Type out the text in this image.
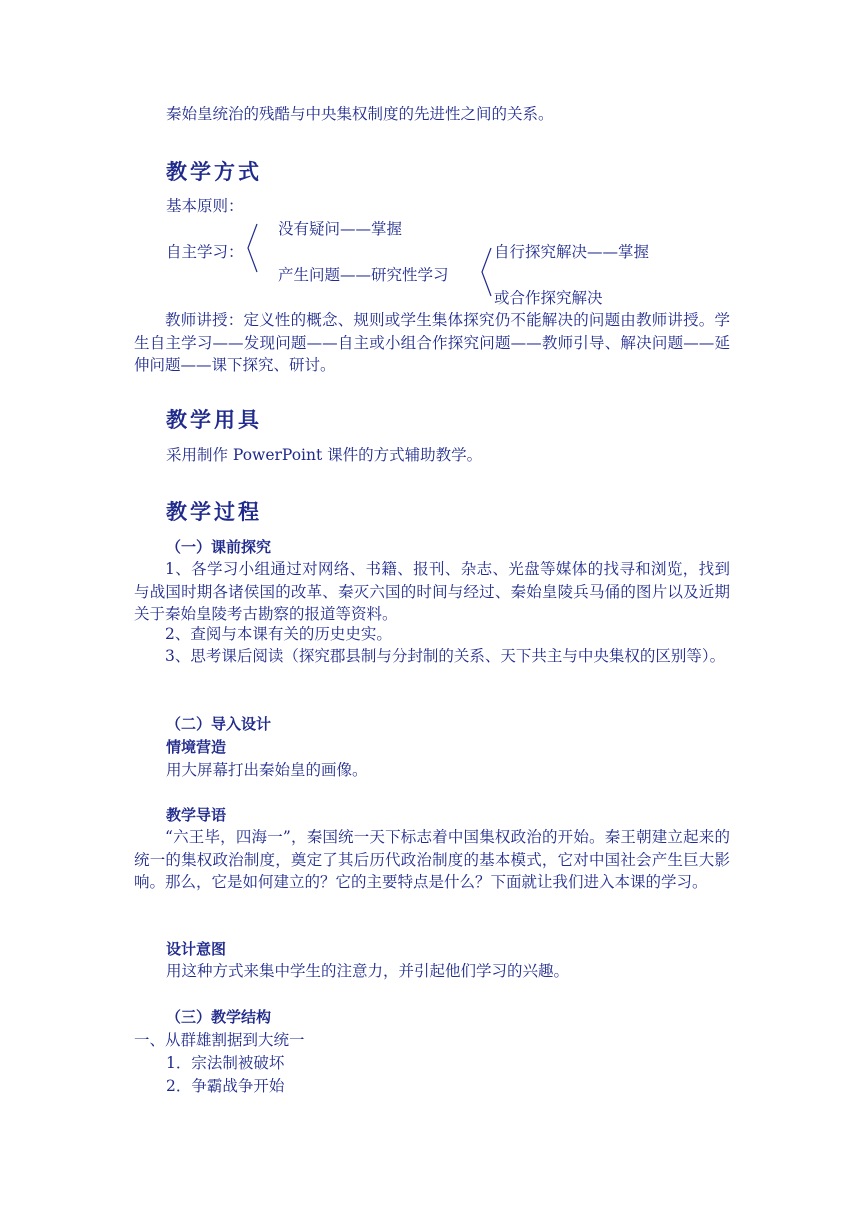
秦始皇统治的残酷与中央集权制度的先进性之间的关系。
教学方式
基本原则：
没有疑问——掌握
自主学习：	自行探究解决——掌握
产生问题——研究性学习
或合作探究解决
教师讲授：定义性的概念、规则或学生集体探究仍不能解决的问题由教师讲授。学生自主学习——发现问题——自主或小组合作探究问题——教师引导、解决问题——延伸问题——课下探究、研讨。
教学用具
采用制作 PowerPoint 课件的方式辅助教学。
教学过程
（一）课前探究
1、各学习小组通过对网络、书籍、报刊、杂志、光盘等媒体的找寻和浏览，找到与战国时期各诸侯国的改革、秦灭六国的时间与经过、秦始皇陵兵马俑的图片以及近期关于秦始皇陵考古勘察的报道等资料。
2、查阅与本课有关的历史史实。
3、思考课后阅读（探究郡县制与分封制的关系、天下共主与中央集权的区别等）。
（二）导入设计
情境营造
用大屏幕打出秦始皇的画像。
教学导语
“六王毕，四海一”，秦国统一天下标志着中国集权政治的开始。秦王朝建立起来的统一的集权政治制度，奠定了其后历代政治制度的基本模式，它对中国社会产生巨大影响。那么，它是如何建立的？它的主要特点是什么？下面就让我们进入本课的学习。
设计意图
用这种方式来集中学生的注意力，并引起他们学习的兴趣。
（三）教学结构
一、从群雄割据到大统一
1．宗法制被破坏
2．争霸战争开始
